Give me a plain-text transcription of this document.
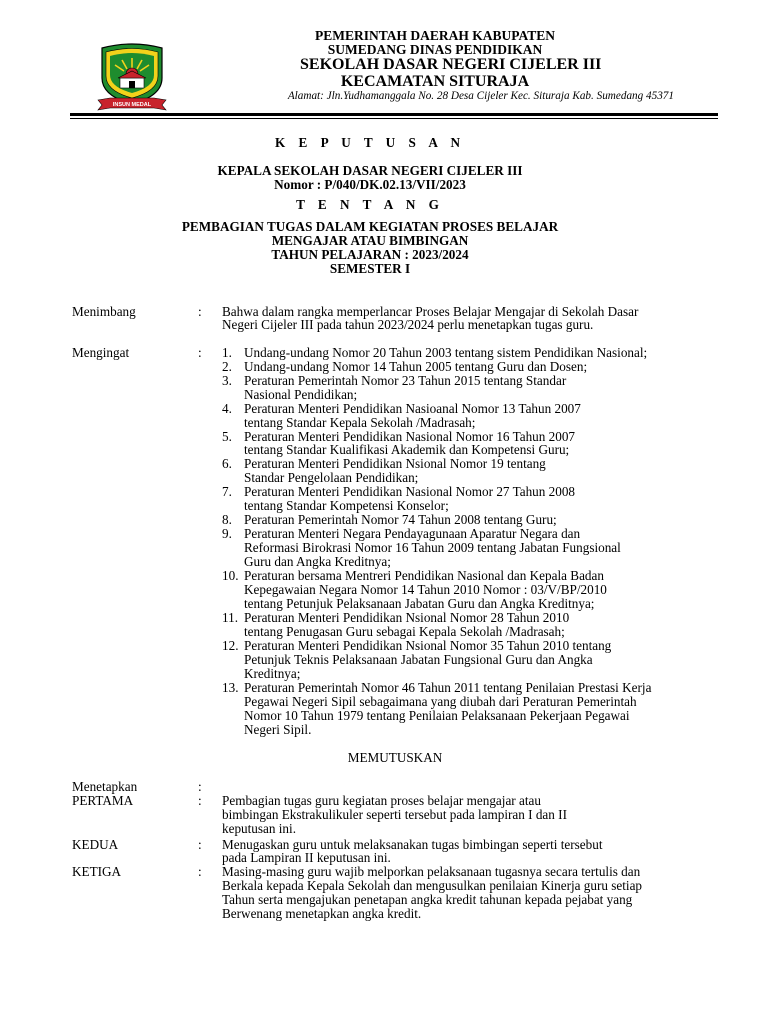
INSUN MEDAL
PEMERINTAH DAERAH KABUPATEN
SUMEDANG DINAS PENDIDIKAN
SEKOLAH DASAR NEGERI CIJELER III
KECAMATAN SITURAJA
Alamat: Jln.Yudhamanggala No. 28 Desa Cijeler Kec. Situraja Kab. Sumedang 45371
K E P U T U S A N
KEPALA SEKOLAH DASAR NEGERI CIJELER III
Nomor : P/040/DK.02.13/VII/2023
T E N T A N G
PEMBAGIAN TUGAS DALAM KEGIATAN PROSES BELAJAR
MENGAJAR ATAU BIMBINGAN
TAHUN PELAJARAN : 2023/2024
SEMESTER I
Menimbang	: Bahwa dalam rangka memperlancar Proses Belajar Mengajar di Sekolah Dasar
Negeri Cijeler III pada tahun 2023/2024 perlu menetapkan tugas guru.
Mengingat	: 1. Undang-undang Nomor 20 Tahun 2003 tentang sistem Pendidikan Nasional;
2. Undang-undang Nomor 14 Tahun 2005 tentang Guru dan Dosen;
3. Peraturan Pemerintah Nomor 23 Tahun 2015 tentang Standar
Nasional Pendidikan;
4. Peraturan Menteri Pendidikan Nasioanal Nomor 13 Tahun 2007
tentang Standar Kepala Sekolah /Madrasah;
5. Peraturan Menteri Pendidikan Nasional Nomor 16 Tahun 2007
tentang Standar Kualifikasi Akademik dan Kompetensi Guru;
6. Peraturan Menteri Pendidikan Nsional Nomor 19 tentang
Standar Pengelolaan Pendidikan;
7. Peraturan Menteri Pendidikan Nasional Nomor 27 Tahun 2008
tentang Standar Kompetensi Konselor;
8. Peraturan Pemerintah Nomor 74 Tahun 2008 tentang Guru;
9. Peraturan Menteri Negara Pendayagunaan Aparatur Negara dan
Reformasi Birokrasi Nomor 16 Tahun 2009 tentang Jabatan Fungsional
Guru dan Angka Kreditnya;
10. Peraturan bersama Mentreri Pendidikan Nasional dan Kepala Badan
Kepegawaian Negara Nomor 14 Tahun 2010 Nomor : 03/V/BP/2010
tentang Petunjuk Pelaksanaan Jabatan Guru dan Angka Kreditnya;
11. Peraturan Menteri Pendidikan Nsional Nomor 28 Tahun 2010
tentang Penugasan Guru sebagai Kepala Sekolah /Madrasah;
12. Peraturan Menteri Pendidikan Nsional Nomor 35 Tahun 2010 tentang
Petunjuk Teknis Pelaksanaan Jabatan Fungsional Guru dan Angka
Kreditnya;
13. Peraturan Pemerintah Nomor 46 Tahun 2011 tentang Penilaian Prestasi Kerja
Pegawai Negeri Sipil sebagaimana yang diubah dari Peraturan Pemerintah
Nomor 10 Tahun 1979 tentang Penilaian Pelaksanaan Pekerjaan Pegawai
Negeri Sipil.
MEMUTUSKAN
Menetapkan	:
PERTAMA	: Pembagian tugas guru kegiatan proses belajar mengajar atau
bimbingan Ekstrakulikuler seperti tersebut pada lampiran I dan II
keputusan ini.
KEDUA	: Menugaskan guru untuk melaksanakan tugas bimbingan seperti tersebut
pada Lampiran II keputusan ini.
KETIGA	: Masing-masing guru wajib melporkan pelaksanaan tugasnya secara tertulis dan
Berkala kepada Kepala Sekolah dan mengusulkan penilaian Kinerja guru setiap
Tahun serta mengajukan penetapan angka kredit tahunan kepada pejabat yang
Berwenang menetapkan angka kredit.
